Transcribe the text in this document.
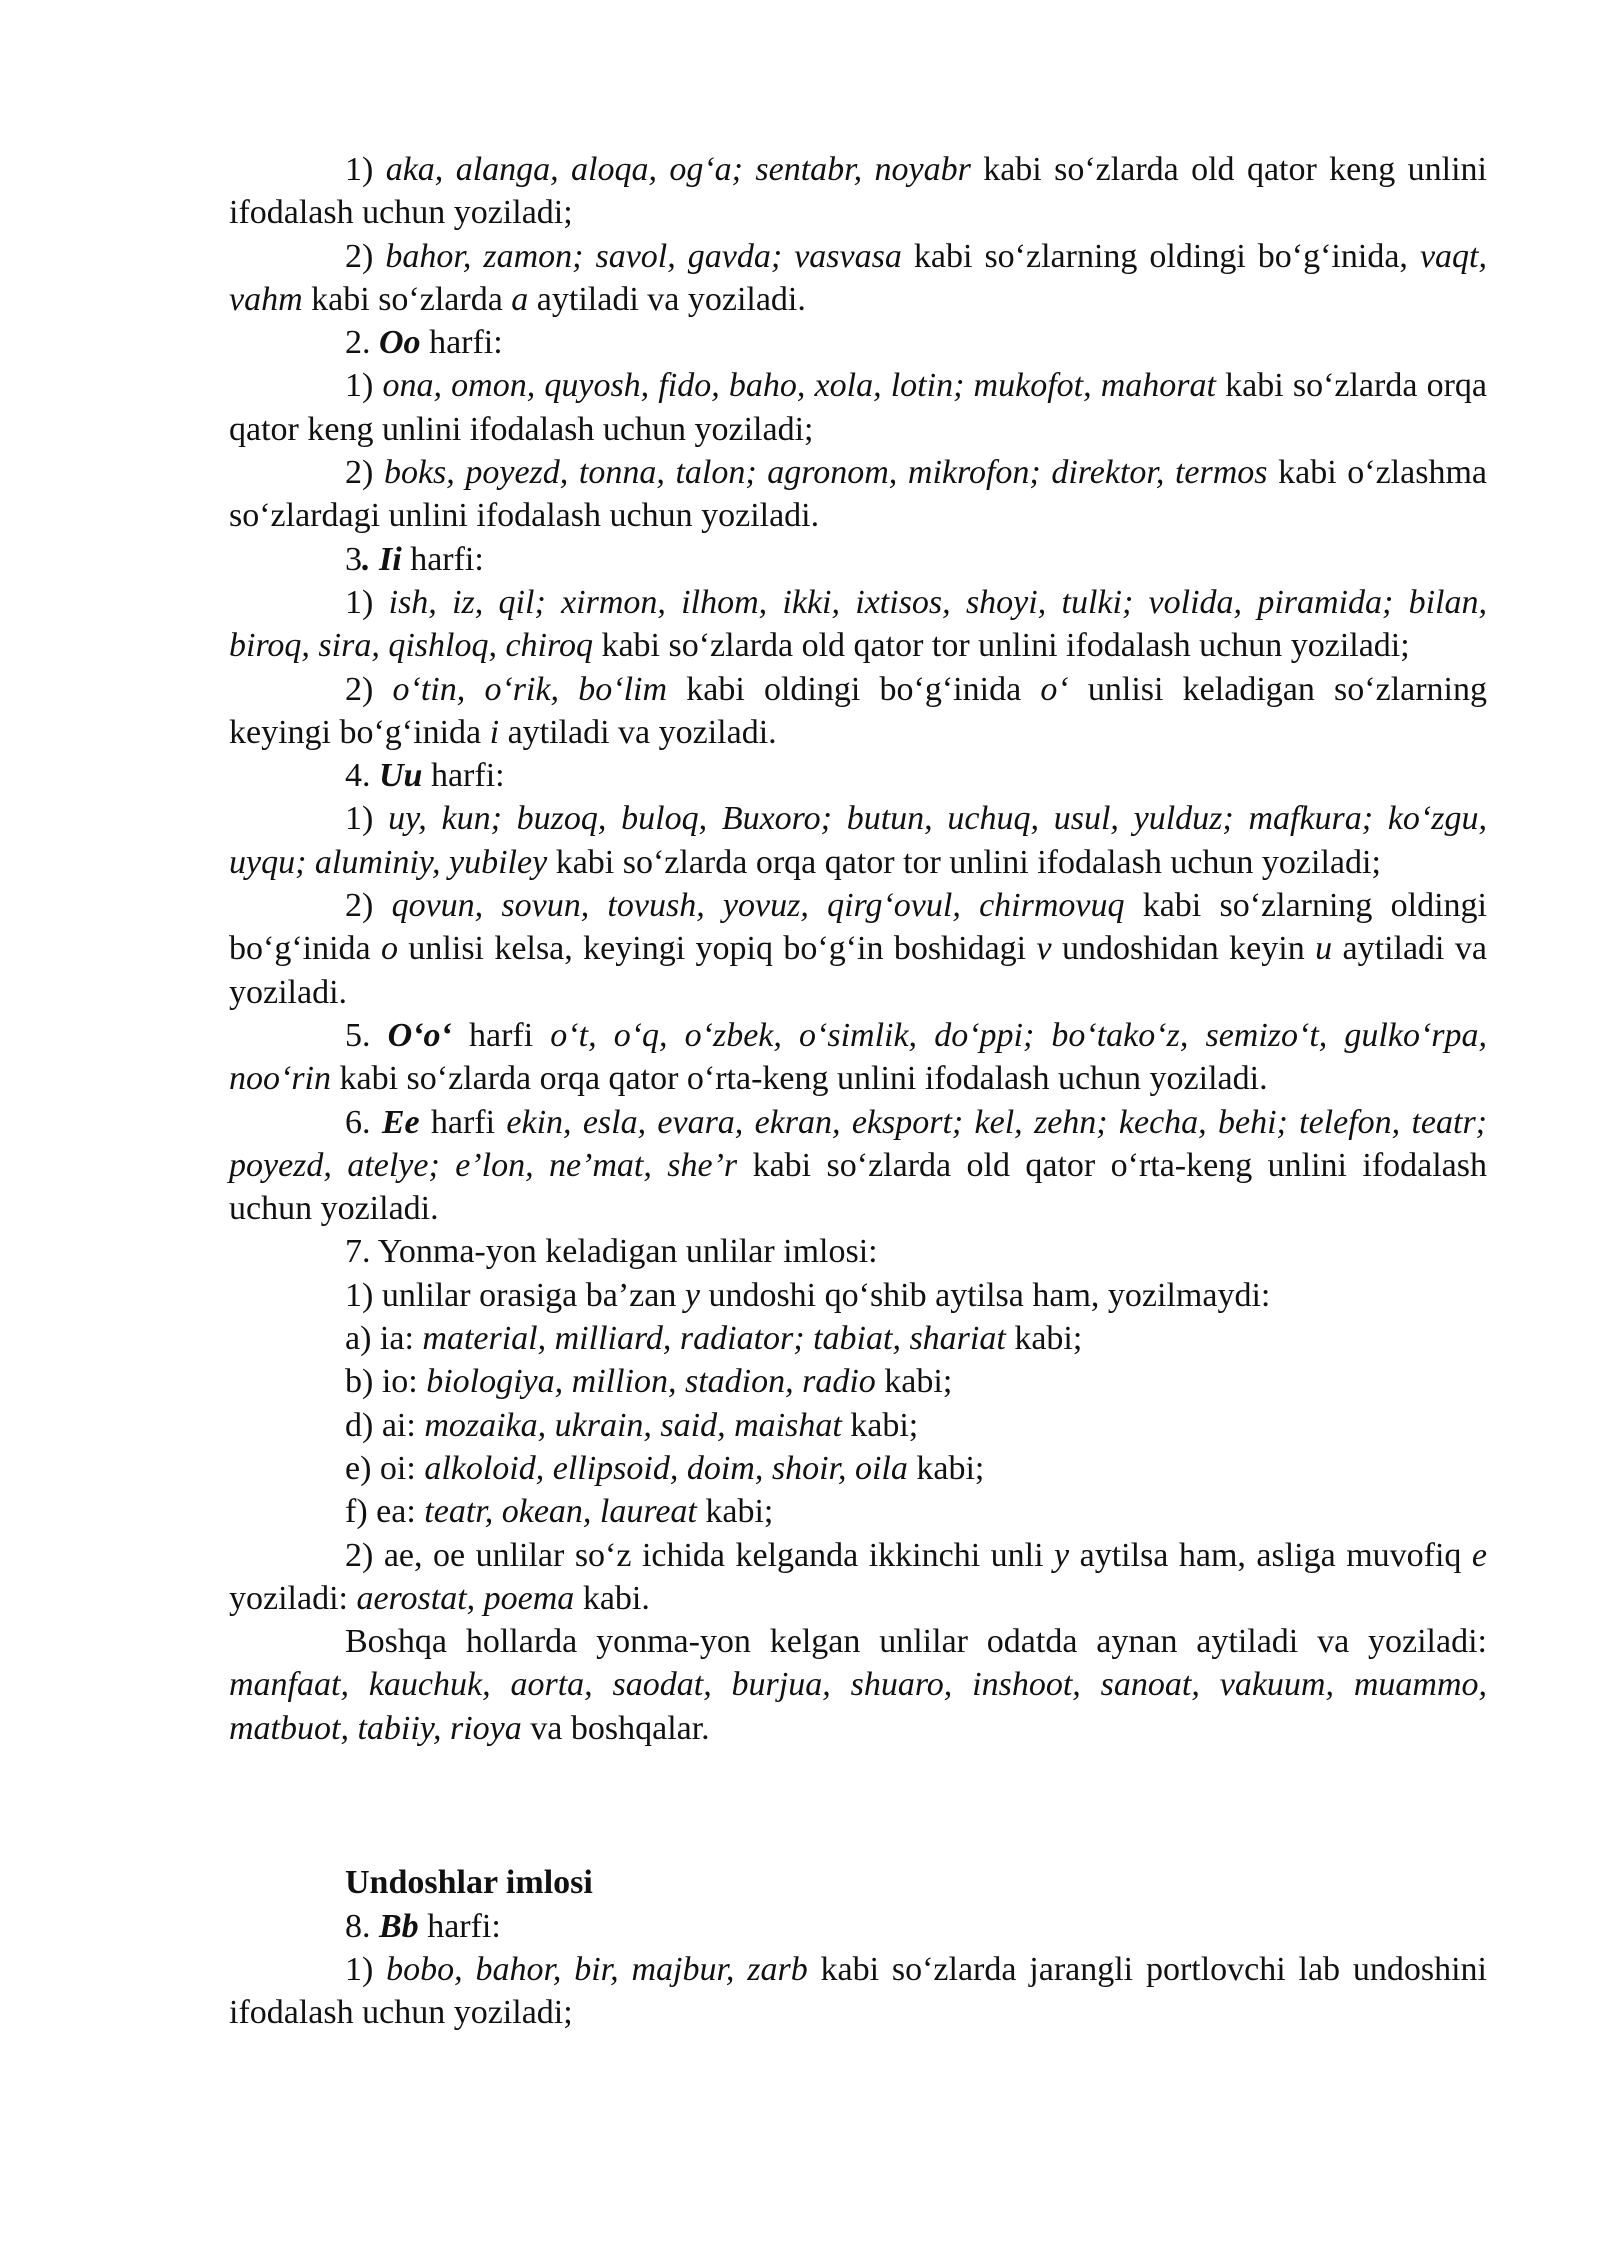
1) aka, alanga, aloqa, og‘a; sentabr, noyabr kabi so‘zlarda old qator keng unlini ifodalash uchun yoziladi;

2) bahor, zamon; savol, gavda; vasvasa kabi so‘zlarning oldingi bo‘g‘inida, vaqt, vahm kabi so‘zlarda a aytiladi va yoziladi.

2. Oo harfi:

1) ona, omon, quyosh, fido, baho, xola, lotin; mukofot, mahorat kabi so‘zlarda orqa qator keng unlini ifodalash uchun yoziladi;

2) boks, poyezd, tonna, talon; agronom, mikrofon; direktor, termos kabi o‘zlashma so‘zlardagi unlini ifodalash uchun yoziladi.

3. Ii harfi:

1) ish, iz, qil; xirmon, ilhom, ikki, ixtisos, shoyi, tulki; volida, piramida; bilan, biroq, sira, qishloq, chiroq kabi so‘zlarda old qator tor unlini ifodalash uchun yoziladi;

2) o‘tin, o‘rik, bo‘lim kabi oldingi bo‘g‘inida o‘ unlisi keladigan so‘zlarning keyingi bo‘g‘inida i aytiladi va yoziladi.

4. Uu harfi:

1) uy, kun; buzoq, buloq, Buxoro; butun, uchuq, usul, yulduz; mafkura; ko‘zgu, uyqu; aluminiy, yubiley kabi so‘zlarda orqa qator tor unlini ifodalash uchun yoziladi;

2) qovun, sovun, tovush, yovuz, qirg‘ovul, chirmovuq kabi so‘zlarning oldingi bo‘g‘inida o unlisi kelsa, keyingi yopiq bo‘g‘in boshidagi v undoshidan keyin u aytiladi va yoziladi.

5. O‘o‘ harfi o‘t, o‘q, o‘zbek, o‘simlik, do‘ppi; bo‘tako‘z, semizo‘t, gulko‘rpa, noo‘rin kabi so‘zlarda orqa qator o‘rta-keng unlini ifodalash uchun yoziladi.

6. Ee harfi ekin, esla, evara, ekran, eksport; kel, zehn; kecha, behi; telefon, teatr; poyezd, atelye; e’lon, ne’mat, she’r kabi so‘zlarda old qator o‘rta-keng unlini ifodalash uchun yoziladi.

7. Yonma-yon keladigan unlilar imlosi:

1) unlilar orasiga ba’zan y undoshi qo‘shib aytilsa ham, yozilmaydi:

a) ia: material, milliard, radiator; tabiat, shariat kabi;

b) io: biologiya, million, stadion, radio kabi;

d) ai: mozaika, ukrain, said, maishat kabi;

e) oi: alkoloid, ellipsoid, doim, shoir, oila kabi;

f) ea: teatr, okean, laureat kabi;

2) ae, oe unlilar so‘z ichida kelganda ikkinchi unli y aytilsa ham, asliga muvofiq e yoziladi: aerostat, poema kabi.

Boshqa hollarda yonma-yon kelgan unlilar odatda aynan aytiladi va yoziladi: manfaat, kauchuk, aorta, saodat, burjua, shuaro, inshoot, sanoat, vakuum, muammo, matbuot, tabiiy, rioya va boshqalar.

Undoshlar imlosi

8. Bb harfi:

1) bobo, bahor, bir, majbur, zarb kabi so‘zlarda jarangli portlovchi lab undoshini ifodalash uchun yoziladi;
